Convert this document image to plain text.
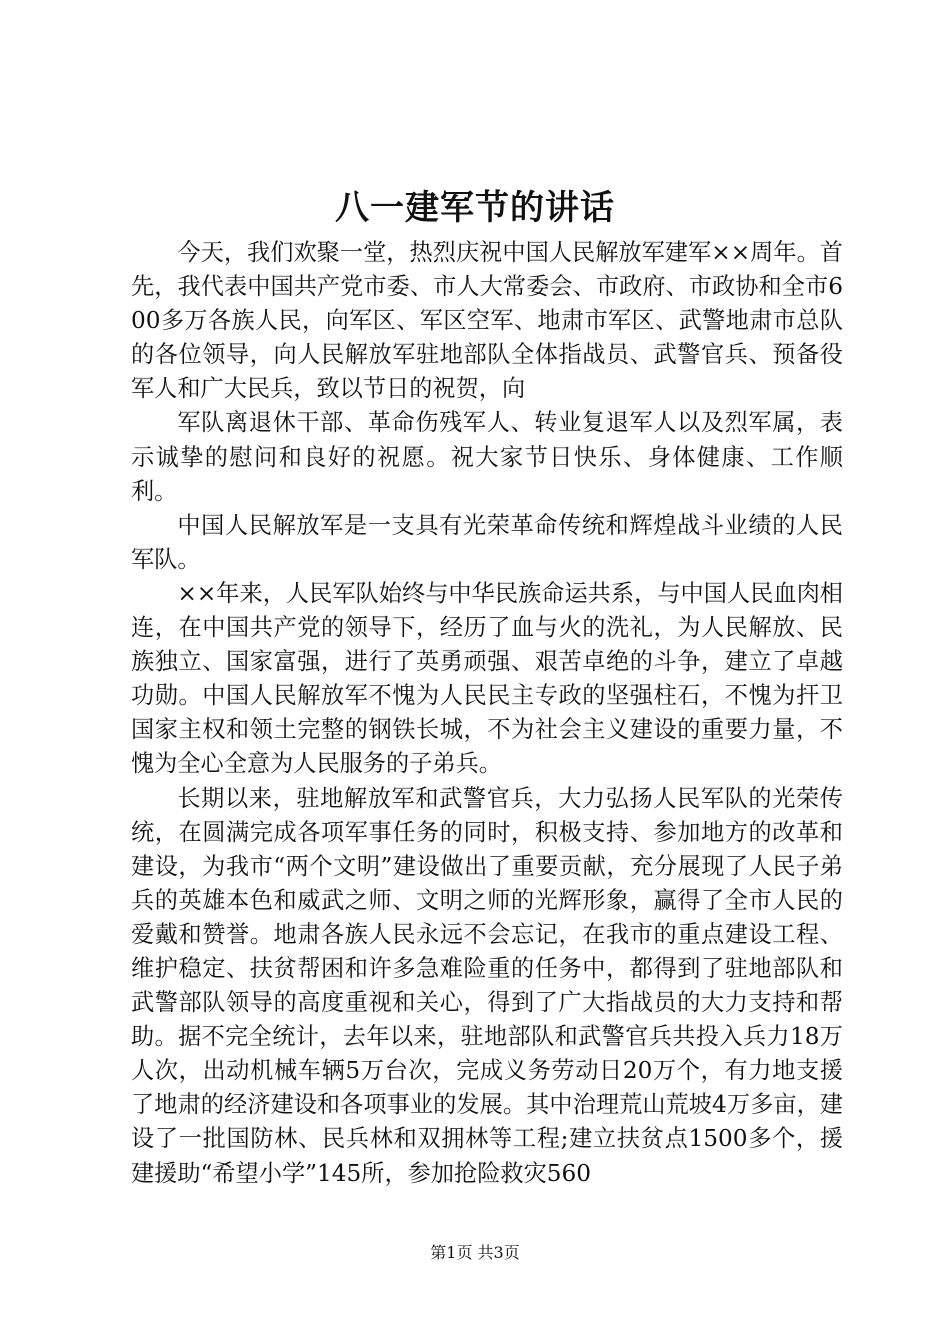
八一建军节的讲话

今天，我们欢聚一堂，热烈庆祝中国人民解放军建军××周年。首先，我代表中国共产党市委、市人大常委会、市政府、市政协和全市600多万各族人民，向军区、军区空军、地肃市军区、武警地肃市总队的各位领导，向人民解放军驻地部队全体指战员、武警官兵、预备役军人和广大民兵，致以节日的祝贺，向

军队离退休干部、革命伤残军人、转业复退军人以及烈军属，表示诚挚的慰问和良好的祝愿。祝大家节日快乐、身体健康、工作顺利。

中国人民解放军是一支具有光荣革命传统和辉煌战斗业绩的人民军队。

××年来，人民军队始终与中华民族命运共系，与中国人民血肉相连，在中国共产党的领导下，经历了血与火的洗礼，为人民解放、民族独立、国家富强，进行了英勇顽强、艰苦卓绝的斗争，建立了卓越功勋。中国人民解放军不愧为人民民主专政的坚强柱石，不愧为扞卫国家主权和领土完整的钢铁长城，不为社会主义建设的重要力量，不愧为全心全意为人民服务的子弟兵。

长期以来，驻地解放军和武警官兵，大力弘扬人民军队的光荣传统，在圆满完成各项军事任务的同时，积极支持、参加地方的改革和建设，为我市“两个文明”建设做出了重要贡献，充分展现了人民子弟兵的英雄本色和威武之师、文明之师的光辉形象，赢得了全市人民的爱戴和赞誉。地肃各族人民永远不会忘记，在我市的重点建设工程、维护稳定、扶贫帮困和许多急难险重的任务中，都得到了驻地部队和武警部队领导的高度重视和关心，得到了广大指战员的大力支持和帮助。据不完全统计，去年以来，驻地部队和武警官兵共投入兵力18万人次，出动机械车辆5万台次，完成义务劳动日20万个，有力地支援了地肃的经济建设和各项事业的发展。其中治理荒山荒坡4万多亩，建设了一批国防林、民兵林和双拥林等工程;建立扶贫点1500多个，援建援助“希望小学”145所，参加抢险救灾560

第1页 共3页
